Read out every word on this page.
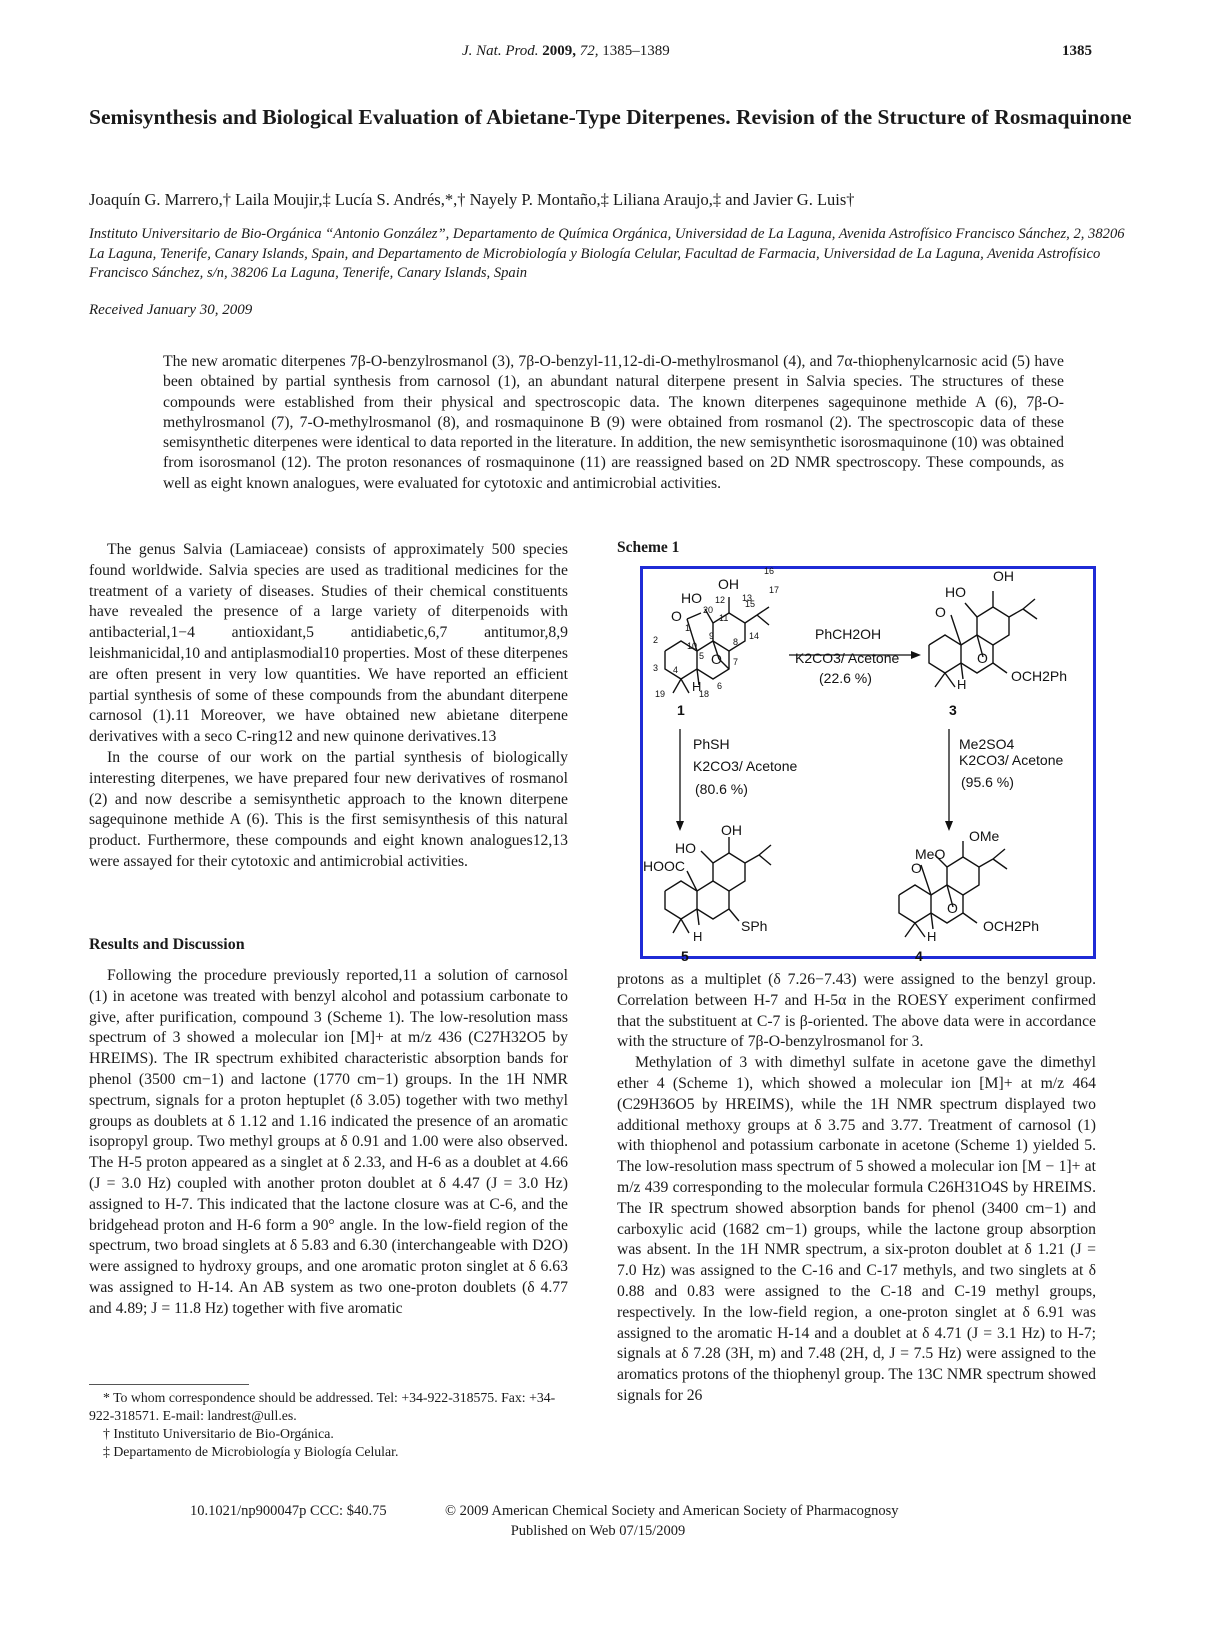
J. Nat. Prod. 2009, 72, 1385–1389	1385
Semisynthesis and Biological Evaluation of Abietane-Type Diterpenes. Revision of the Structure of Rosmaquinone
Joaquín G. Marrero,† Laila Moujir,‡ Lucía S. Andrés,*,† Nayely P. Montaño,‡ Liliana Araujo,‡ and Javier G. Luis†
Instituto Universitario de Bio-Orgánica “Antonio González”, Departamento de Química Orgánica, Universidad de La Laguna, Avenida Astrofísico Francisco Sánchez, 2, 38206 La Laguna, Tenerife, Canary Islands, Spain, and Departamento de Microbiología y Biología Celular, Facultad de Farmacia, Universidad de La Laguna, Avenida Astrofísico Francisco Sánchez, s/n, 38206 La Laguna, Tenerife, Canary Islands, Spain
Received January 30, 2009
The new aromatic diterpenes 7β-O-benzylrosmanol (3), 7β-O-benzyl-11,12-di-O-methylrosmanol (4), and 7α-thiophenylcarnosic acid (5) have been obtained by partial synthesis from carnosol (1), an abundant natural diterpene present in Salvia species. The structures of these compounds were established from their physical and spectroscopic data. The known diterpenes sagequinone methide A (6), 7β-O-methylrosmanol (7), 7-O-methylrosmanol (8), and rosmaquinone B (9) were obtained from rosmanol (2). The spectroscopic data of these semisynthetic diterpenes were identical to data reported in the literature. In addition, the new semisynthetic isorosmaquinone (10) was obtained from isorosmanol (12). The proton resonances of rosmaquinone (11) are reassigned based on 2D NMR spectroscopy. These compounds, as well as eight known analogues, were evaluated for cytotoxic and antimicrobial activities.

The genus Salvia (Lamiaceae) consists of approximately 500 species found worldwide. Salvia species are used as traditional medicines for the treatment of a variety of diseases. Studies of their chemical constituents have revealed the presence of a large variety of diterpenoids with antibacterial,1−4 antioxidant,5 antidiabetic,6,7 antitumor,8,9 leishmanicidal,10 and antiplasmodial10 properties. Most of these diterpenes are often present in very low quantities. We have reported an efficient partial synthesis of some of these compounds from the abundant diterpene carnosol (1).11 Moreover, we have obtained new abietane diterpene derivatives with a seco C-ring12 and new quinone derivatives.13

In the course of our work on the partial synthesis of biologically interesting diterpenes, we have prepared four new derivatives of rosmanol (2) and now describe a semisynthetic approach to the known diterpene sagequinone methide A (6). This is the first semisynthesis of this natural product. Furthermore, these compounds and eight known analogues12,13 were assayed for their cytotoxic and antimicrobial activities.

Results and Discussion

Following the procedure previously reported,11 a solution of carnosol (1) in acetone was treated with benzyl alcohol and potassium carbonate to give, after purification, compound 3 (Scheme 1). The low-resolution mass spectrum of 3 showed a molecular ion [M]+ at m/z 436 (C27H32O5 by HREIMS). The IR spectrum exhibited characteristic absorption bands for phenol (3500 cm−1) and lactone (1770 cm−1) groups. In the 1H NMR spectrum, signals for a proton heptuplet (δ 3.05) together with two methyl groups as doublets at δ 1.12 and 1.16 indicated the presence of an aromatic isopropyl group. Two methyl groups at δ 0.91 and 1.00 were also observed. The H-5 proton appeared as a singlet at δ 2.33, and H-6 as a doublet at 4.66 (J = 3.0 Hz) coupled with another proton doublet at δ 4.47 (J = 3.0 Hz) assigned to H-7. This indicated that the lactone closure was at C-6, and the bridgehead proton and H-6 form a 90° angle. In the low-field region of the spectrum, two broad singlets at δ 5.83 and 6.30 (interchangeable with D2O) were assigned to hydroxy groups, and one aromatic proton singlet at δ 6.63 was assigned to H-14. An AB system as two one-proton doublets (δ 4.77 and 4.89; J = 11.8 Hz) together with five aromatic

Scheme 1
OH
HO
O
O
H
16
17
15
12
20
13
11
14
1
2
3 4
5
6
7
8
9
10
18
19
1
PhCH2OH
K2CO3/ Acetone
(22.6 %)
OH
HO
O
O
H
OCH2Ph
3
PhSH
K2CO3/ Acetone
(80.6 %)
Me2SO4
K2CO3/ Acetone
(95.6 %)
OH
HO
HOOC
H
SPh
5
OMe
MeO
O
O
H
OCH2Ph
4

protons as a multiplet (δ 7.26−7.43) were assigned to the benzyl group. Correlation between H-7 and H-5α in the ROESY experiment confirmed that the substituent at C-7 is β-oriented. The above data were in accordance with the structure of 7β-O-benzylrosmanol for 3.

Methylation of 3 with dimethyl sulfate in acetone gave the dimethyl ether 4 (Scheme 1), which showed a molecular ion [M]+ at m/z 464 (C29H36O5 by HREIMS), while the 1H NMR spectrum displayed two additional methoxy groups at δ 3.75 and 3.77. Treatment of carnosol (1) with thiophenol and potassium carbonate in acetone (Scheme 1) yielded 5. The low-resolution mass spectrum of 5 showed a molecular ion [M − 1]+ at m/z 439 corresponding to the molecular formula C26H31O4S by HREIMS. The IR spectrum showed absorption bands for phenol (3400 cm−1) and carboxylic acid (1682 cm−1) groups, while the lactone group absorption was absent. In the 1H NMR spectrum, a six-proton doublet at δ 1.21 (J = 7.0 Hz) was assigned to the C-16 and C-17 methyls, and two singlets at δ 0.88 and 0.83 were assigned to the C-18 and C-19 methyl groups, respectively. In the low-field region, a one-proton singlet at δ 6.91 was assigned to the aromatic H-14 and a doublet at δ 4.71 (J = 3.1 Hz) to H-7; signals at δ 7.28 (3H, m) and 7.48 (2H, d, J = 7.5 Hz) were assigned to the aromatics protons of the thiophenyl group. The 13C NMR spectrum showed signals for 26

* To whom correspondence should be addressed. Tel: +34-922-318575. Fax: +34-922-318571. E-mail: landrest@ull.es.
† Instituto Universitario de Bio-Orgánica.
‡ Departamento de Microbiología y Biología Celular.
10.1021/np900047p CCC: $40.75	© 2009 American Chemical Society and American Society of Pharmacognosy
Published on Web 07/15/2009
